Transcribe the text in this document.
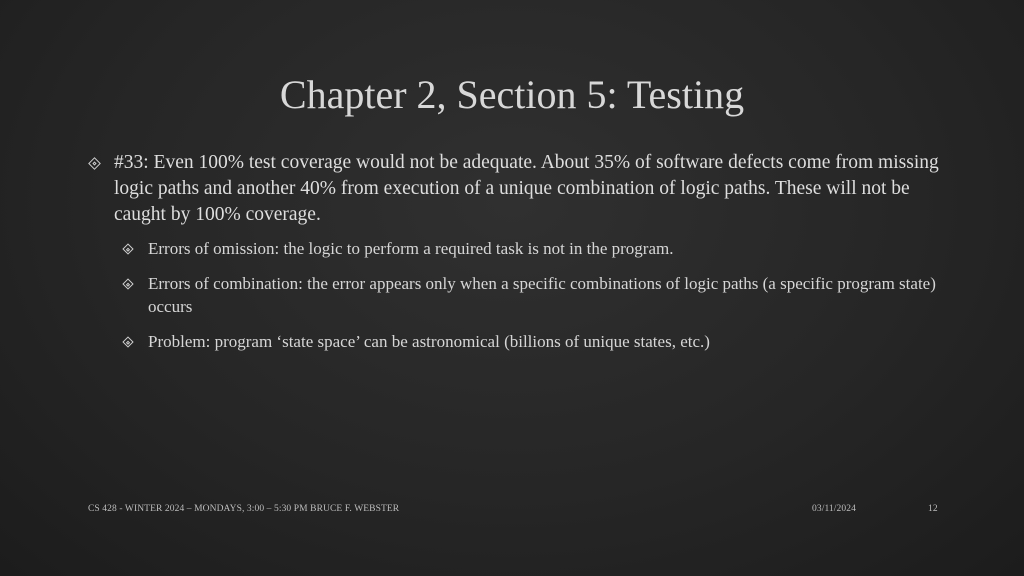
Chapter 2, Section 5: Testing
#33: Even 100% test coverage would not be adequate. About 35% of software defects come from missing logic paths and another 40% from execution of a unique combination of logic paths. These will not be caught by 100% coverage.
Errors of omission: the logic to perform a required task is not in the program.
Errors of combination: the error appears only when a specific combinations of logic paths (a specific program state) occurs
Problem: program ‘state space’ can be astronomical (billions of unique states, etc.)
CS 428 - WINTER 2024 – MONDAYS, 3:00 – 5:30 PM BRUCE F. WEBSTER	03/11/2024	12
